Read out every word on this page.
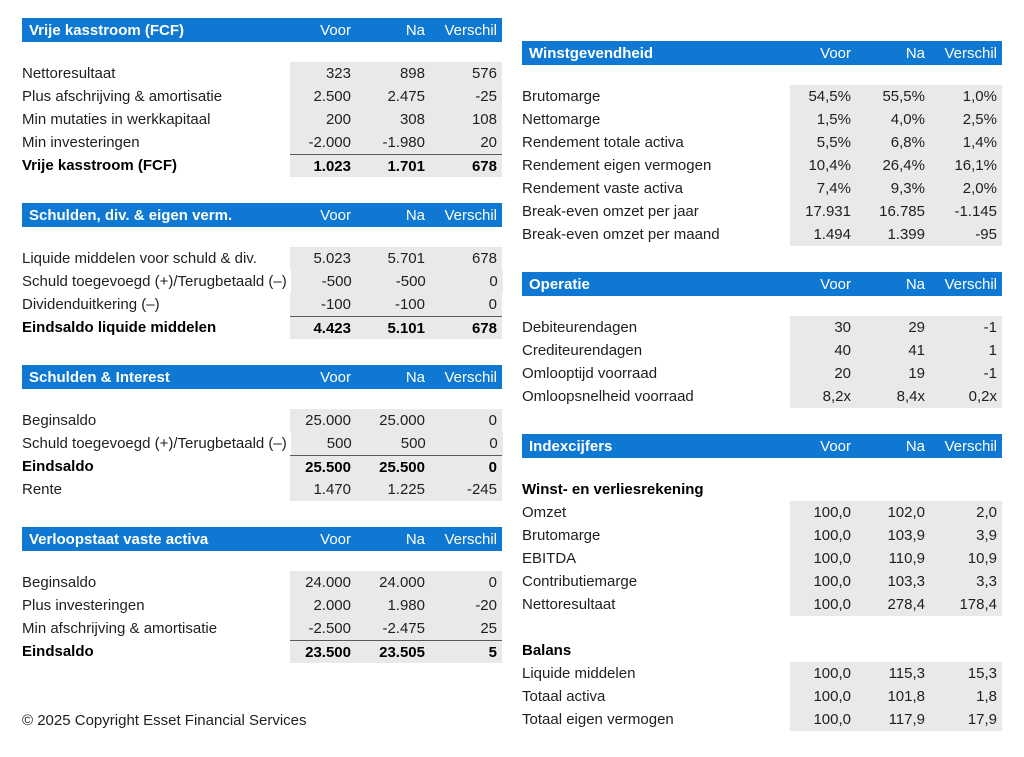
Vrije kasstroom (FCF)	Voor	Na	Verschil
Nettoresultaat	323	898	576
Plus afschrijving & amortisatie	2.500	2.475	-25
Min mutaties in werkkapitaal	200	308	108
Min investeringen	-2.000	-1.980	20
Vrije kasstroom (FCF)	1.023	1.701	678
Schulden, div. & eigen verm.	Voor	Na	Verschil
Liquide middelen voor schuld & div.	5.023	5.701	678
Schuld toegevoegd (+)/Terugbetaald (–)	-500	-500	0
Dividenduitkering (–)	-100	-100	0
Eindsaldo liquide middelen	4.423	5.101	678
Schulden & Interest	Voor	Na	Verschil
Beginsaldo	25.000	25.000	0
Schuld toegevoegd (+)/Terugbetaald (–)	500	500	0
Eindsaldo	25.500	25.500	0
Rente	1.470	1.225	-245
Verloopstaat vaste activa	Voor	Na	Verschil
Beginsaldo	24.000	24.000	0
Plus investeringen	2.000	1.980	-20
Min afschrijving & amortisatie	-2.500	-2.475	25
Eindsaldo	23.500	23.505	5
Winstgevendheid	Voor	Na	Verschil
Brutomarge	54,5%	55,5%	1,0%
Nettomarge	1,5%	4,0%	2,5%
Rendement totale activa	5,5%	6,8%	1,4%
Rendement eigen vermogen	10,4%	26,4%	16,1%
Rendement vaste activa	7,4%	9,3%	2,0%
Break-even omzet per jaar	17.931	16.785	-1.145
Break-even omzet per maand	1.494	1.399	-95
Operatie	Voor	Na	Verschil
Debiteurendagen	30	29	-1
Crediteurendagen	40	41	1
Omlooptijd voorraad	20	19	-1
Omloopsnelheid voorraad	8,2x	8,4x	0,2x
Indexcijfers	Voor	Na	Verschil
Winst- en verliesrekening
Omzet	100,0	102,0	2,0
Brutomarge	100,0	103,9	3,9
EBITDA	100,0	110,9	10,9
Contributiemarge	100,0	103,3	3,3
Nettoresultaat	100,0	278,4	178,4
Balans
Liquide middelen	100,0	115,3	15,3
Totaal activa	100,0	101,8	1,8
Totaal eigen vermogen	100,0	117,9	17,9
© 2025 Copyright Esset Financial Services
